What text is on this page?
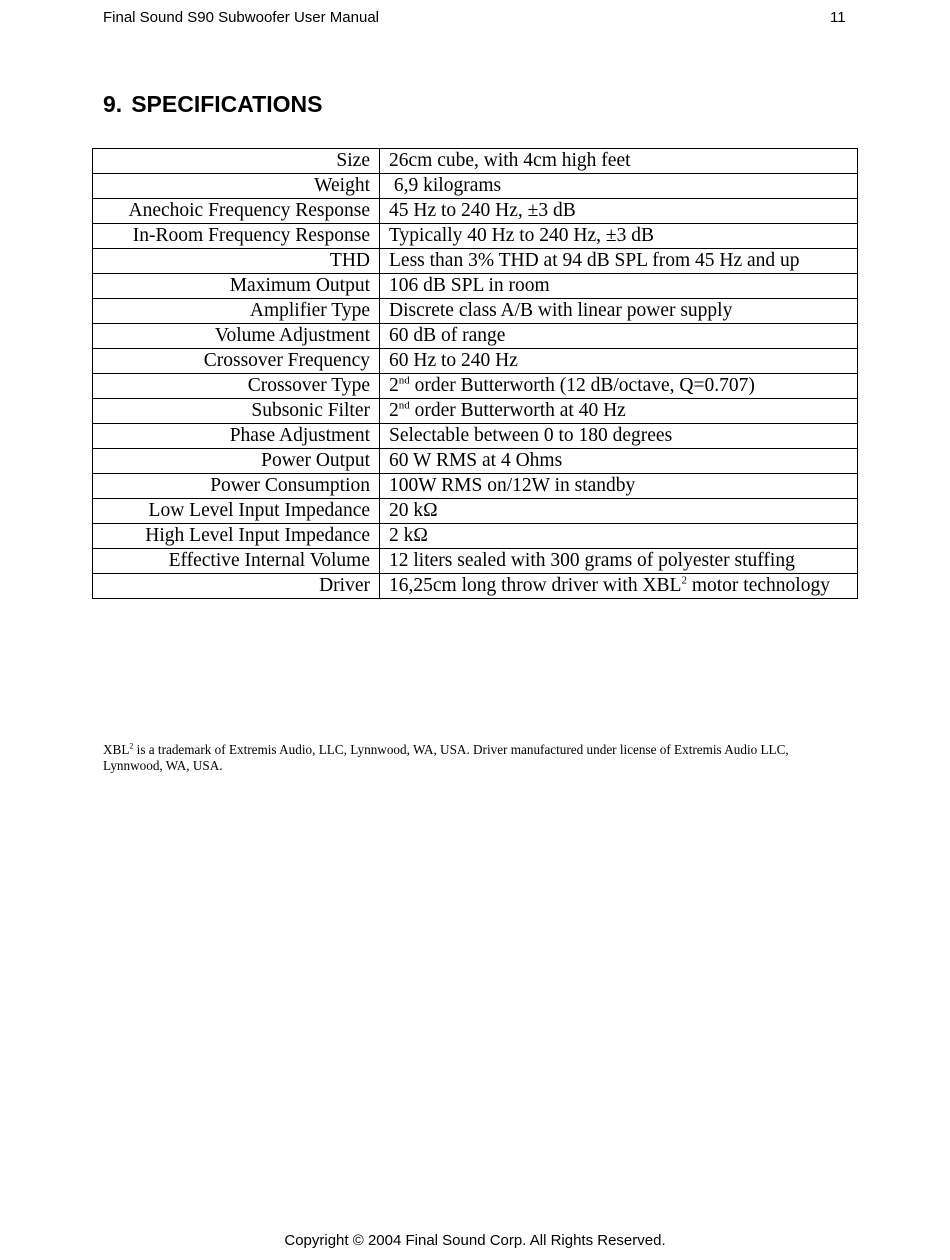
Final Sound S90 Subwoofer User Manual	11
9. SPECIFICATIONS
Size	26cm cube, with 4cm high feet
Weight	6,9 kilograms
Anechoic Frequency Response	45 Hz to 240 Hz, ±3 dB
In-Room Frequency Response	Typically 40 Hz to 240 Hz, ±3 dB
THD	Less than 3% THD at 94 dB SPL from 45 Hz and up
Maximum Output	106 dB SPL in room
Amplifier Type	Discrete class A/B with linear power supply
Volume Adjustment	60 dB of range
Crossover Frequency	60 Hz to 240 Hz
Crossover Type	2nd order Butterworth (12 dB/octave, Q=0.707)
Subsonic Filter	2nd order Butterworth at 40 Hz
Phase Adjustment	Selectable between 0 to 180 degrees
Power Output	60 W RMS at 4 Ohms
Power Consumption	100W RMS on/12W in standby
Low Level Input Impedance	20 kΩ
High Level Input Impedance	2 kΩ
Effective Internal Volume	12 liters sealed with 300 grams of polyester stuffing
Driver	16,25cm long throw driver with XBL$^2$ motor technology
XBL$^2$ is a trademark of Extremis Audio, LLC, Lynnwood, WA, USA. Driver manufactured under license of Extremis Audio LLC, Lynnwood, WA, USA.
Copyright © 2004 Final Sound Corp. All Rights Reserved.
